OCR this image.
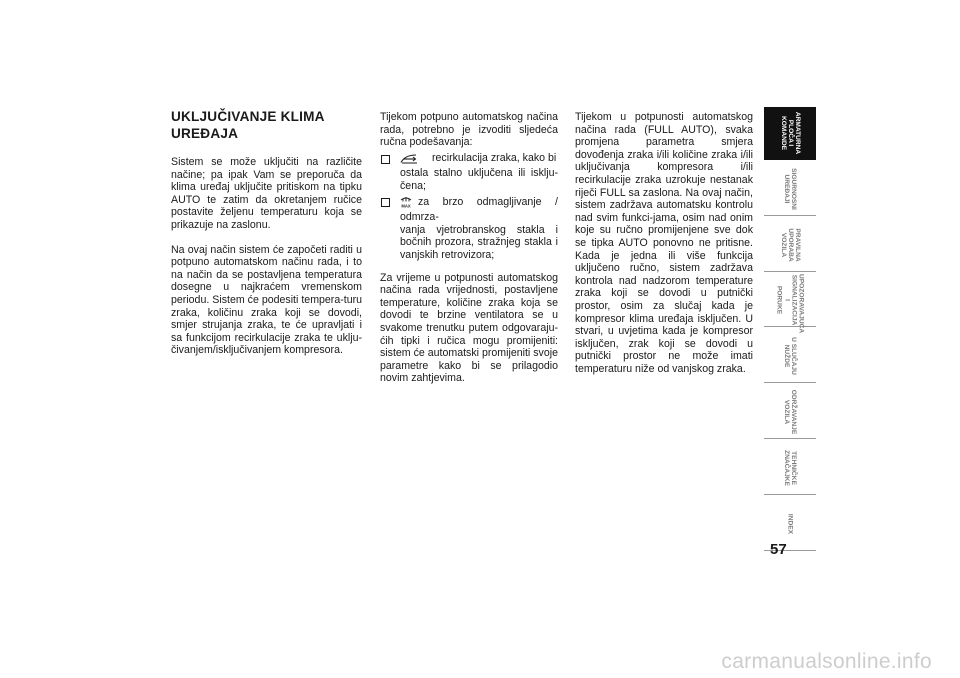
UKLJUČIVANJE KLIMA UREĐAJA

Sistem se može uključiti na različite načine; pa ipak Vam se preporuča da klima uređaj uključite pritiskom na tipku AUTO te zatim da okretanjem ručice postavite željenu temperaturu koja se prikazuje na zaslonu.

Na ovaj način sistem će započeti raditi u potpuno automatskom načinu rada, i to na način da se postavljena temperatura dosegne u najkraćem vremenskom periodu. Sistem će podesiti tempera-turu zraka, količinu zraka koji se dovodi, smjer strujanja zraka, te će upravljati i sa funkcijom recirkulacije zraka te uklju-čivanjem/isključivanjem kompresora.

Tijekom potpuno automatskog načina rada, potrebno je izvoditi sljedeća ručna podešavanja:

recirkulacija zraka, kako bi
ostala stalno uključena ili isklju-čena;
MAX za brzo odmagljivanje / odmrza-
vanja vjetrobranskog stakla i bočnih prozora, stražnjeg stakla i vanjskih retrovizora;

Za vrijeme u potpunosti automatskog načina rada vrijednosti, postavljene temperature, količine zraka koja se dovodi te brzine ventilatora se u svakome trenutku putem odgovaraju-ćih tipki i ručica mogu promijeniti: sistem će automatski promijeniti svoje parametre kako bi se prilagodio novim zahtjevima.

Tijekom u potpunosti automatskog načina rada (FULL AUTO), svaka promjena parametra smjera dovođenja zraka i/ili količine zraka i/ili uključivanja kompresora i/ili recirkulacije zraka uzrokuje nestanak riječi FULL sa zaslona. Na ovaj način, sistem zadržava automatsku kontrolu nad svim funkci-jama, osim nad onim koje su ručno promijenjene sve dok se tipka AUTO ponovno ne pritisne. Kada je jedna ili više funkcija uključeno ručno, sistem zadržava kontrola nad nadzorom temperature zraka koji se dovodi u putnički prostor, osim za slučaj kada je kompresor klima uređaja isključen. U stvari, u uvjetima kada je kompresor isključen, zrak koji se dovodi u putnički prostor ne može imati temperaturu niže od vanjskog zraka.

ARMATURNA
PLOČA I
KOMANDE
SIGURNOSNI
UREĐAJI
PRAVILNA
UPORABA
VOZILA
UPOZORAVAJUĆA
SIGNALIZACIJA I
PORUKE
U SLUČAJU
NUŽDE
ODRŽAVANJE
VOZILA
TEHNIČKE
ZNAČAJKE
INDEX
57
carmanualsonline.info
